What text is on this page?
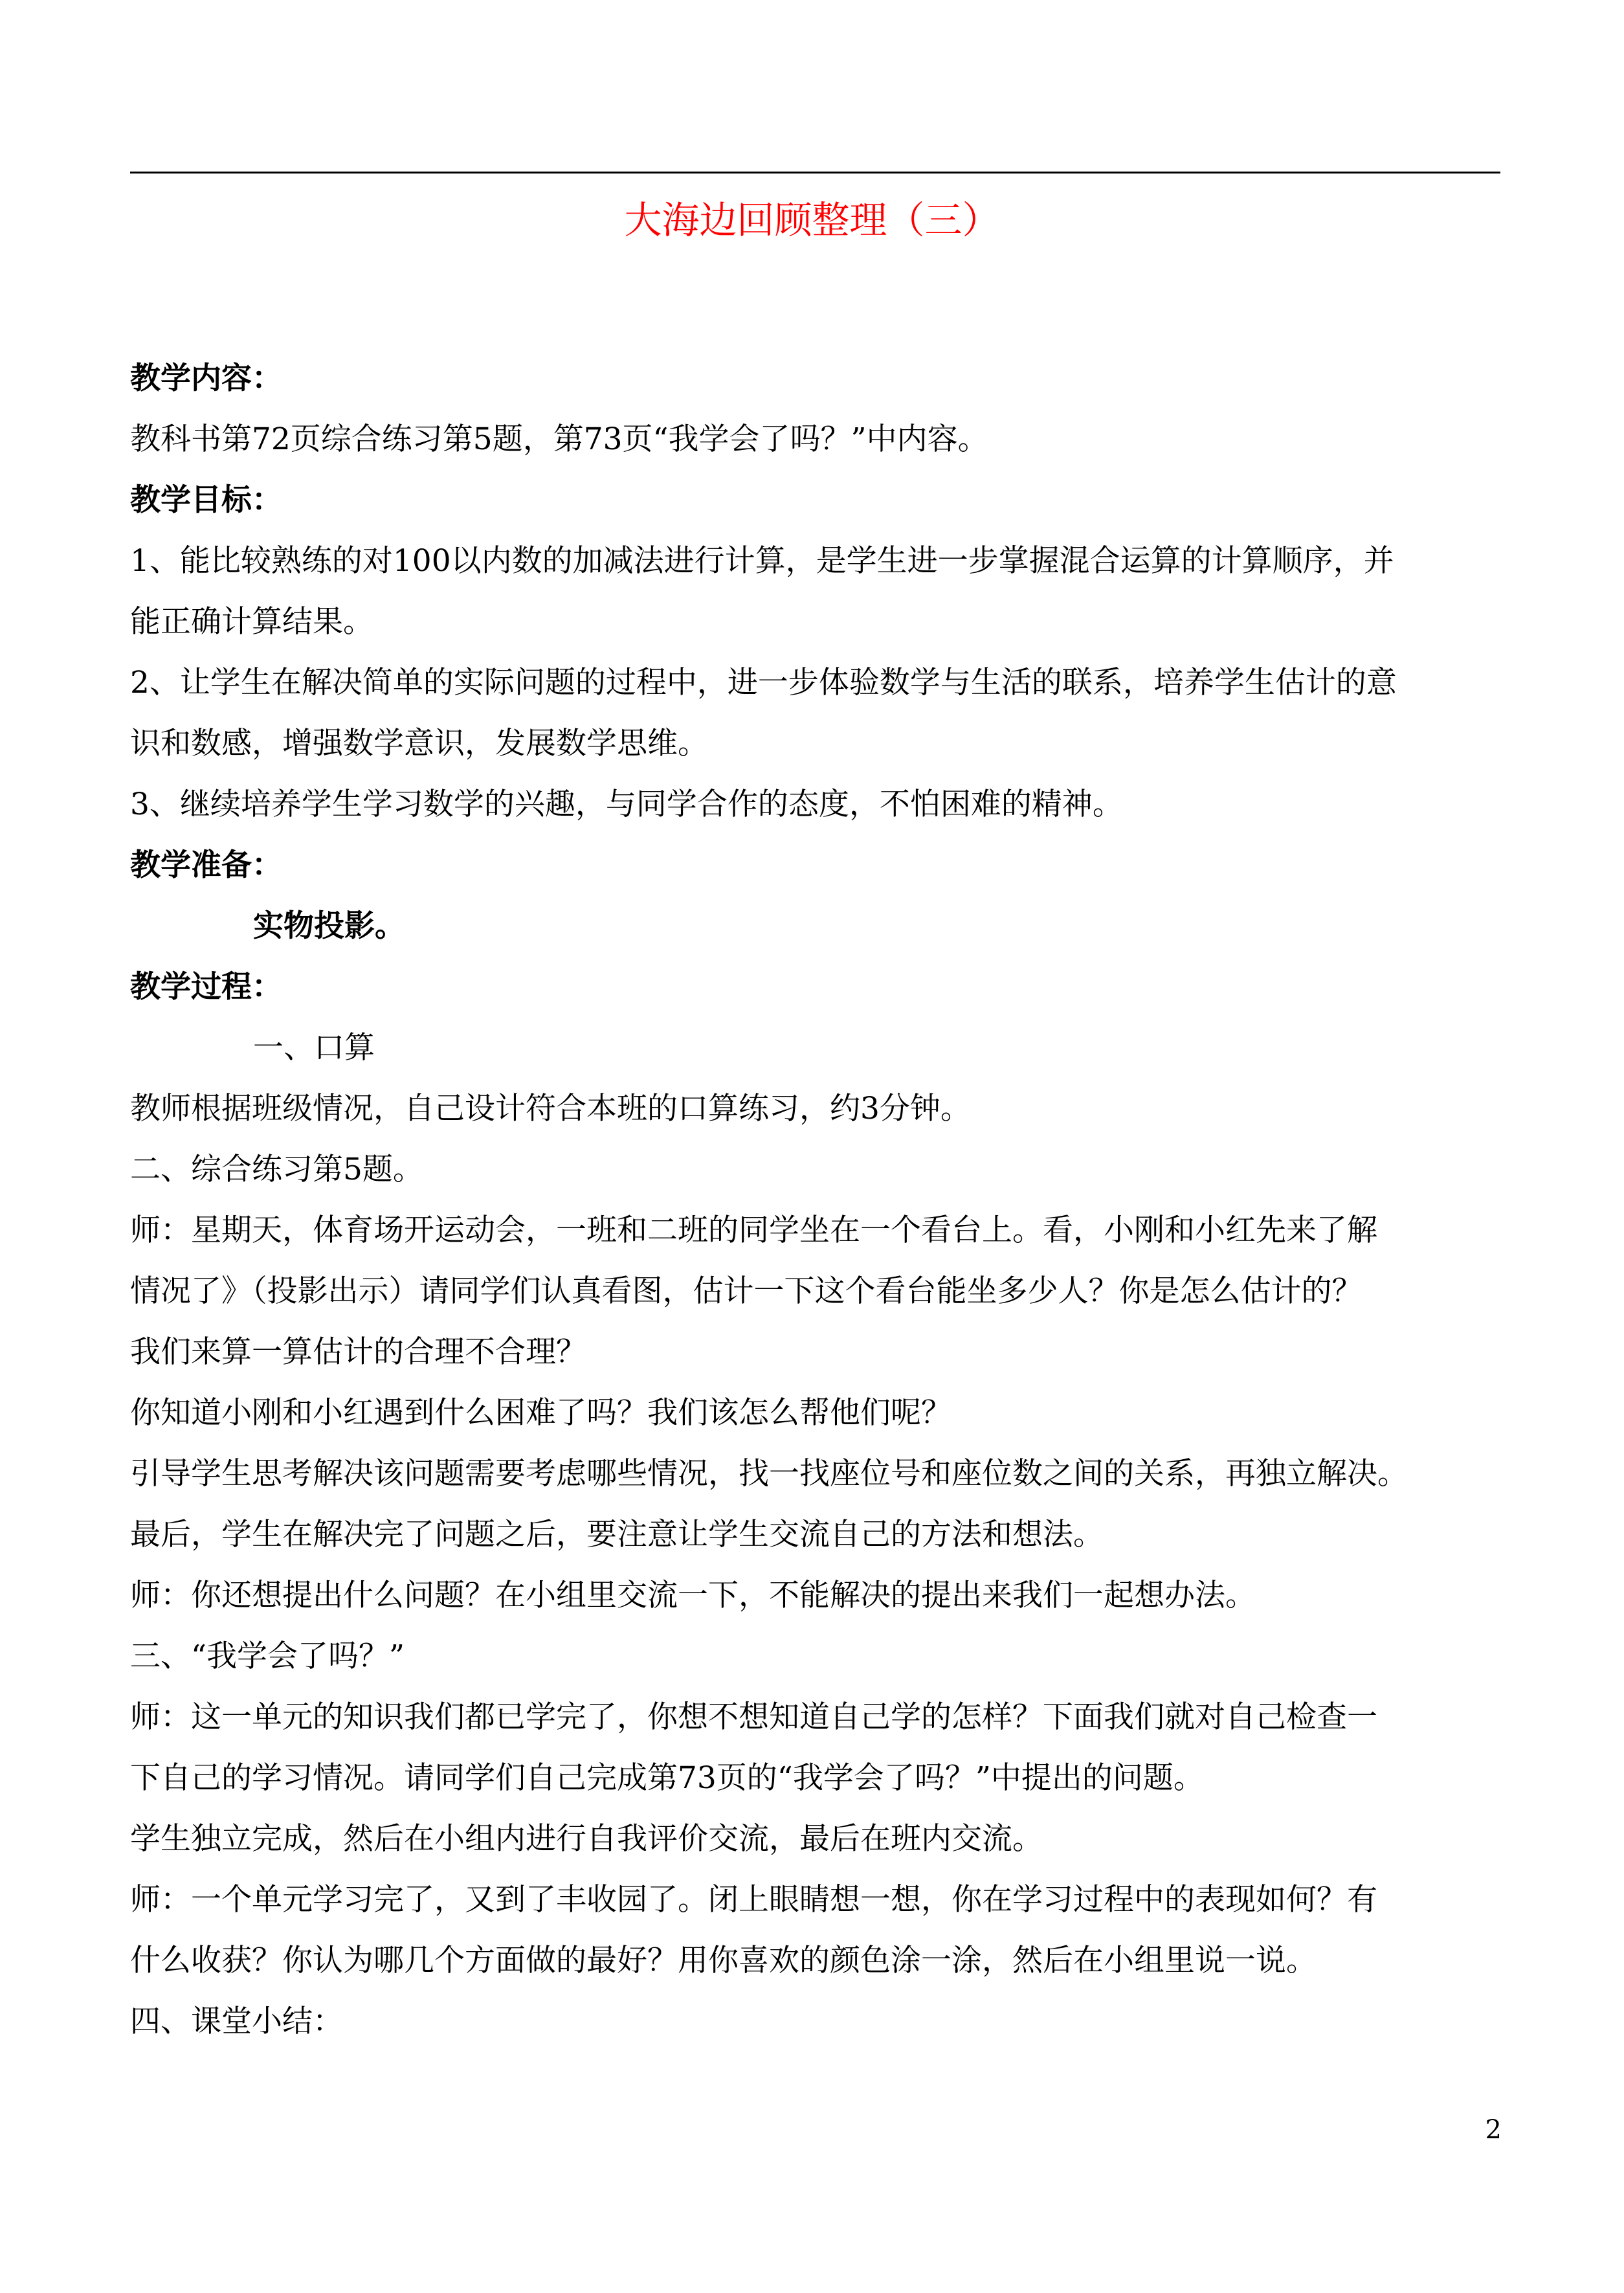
大海边回顾整理（三）
教学内容：
教科书第72页综合练习第5题，第73页“我学会了吗？”中内容。
教学目标：
1、能比较熟练的对100以内数的加减法进行计算，是学生进一步掌握混合运算的计算顺序，并
能正确计算结果。
2、让学生在解决简单的实际问题的过程中，进一步体验数学与生活的联系，培养学生估计的意
识和数感，增强数学意识，发展数学思维。
3、继续培养学生学习数学的兴趣，与同学合作的态度，不怕困难的精神。
教学准备：
实物投影。
教学过程：
一、口算
教师根据班级情况，自己设计符合本班的口算练习，约3分钟。
二、综合练习第5题。
师：星期天，体育场开运动会，一班和二班的同学坐在一个看台上。看，小刚和小红先来了解
情况了》（投影出示）请同学们认真看图，估计一下这个看台能坐多少人？你是怎么估计的？
我们来算一算估计的合理不合理？
你知道小刚和小红遇到什么困难了吗？我们该怎么帮他们呢？
引导学生思考解决该问题需要考虑哪些情况，找一找座位号和座位数之间的关系，再独立解决。
最后，学生在解决完了问题之后，要注意让学生交流自己的方法和想法。
师：你还想提出什么问题？在小组里交流一下，不能解决的提出来我们一起想办法。
三、“我学会了吗？”
师：这一单元的知识我们都已学完了，你想不想知道自己学的怎样？下面我们就对自己检查一
下自己的学习情况。请同学们自己完成第73页的“我学会了吗？”中提出的问题。
学生独立完成，然后在小组内进行自我评价交流，最后在班内交流。
师：一个单元学习完了，又到了丰收园了。闭上眼睛想一想，你在学习过程中的表现如何？有
什么收获？你认为哪几个方面做的最好？用你喜欢的颜色涂一涂，然后在小组里说一说。
四、课堂小结：
2
